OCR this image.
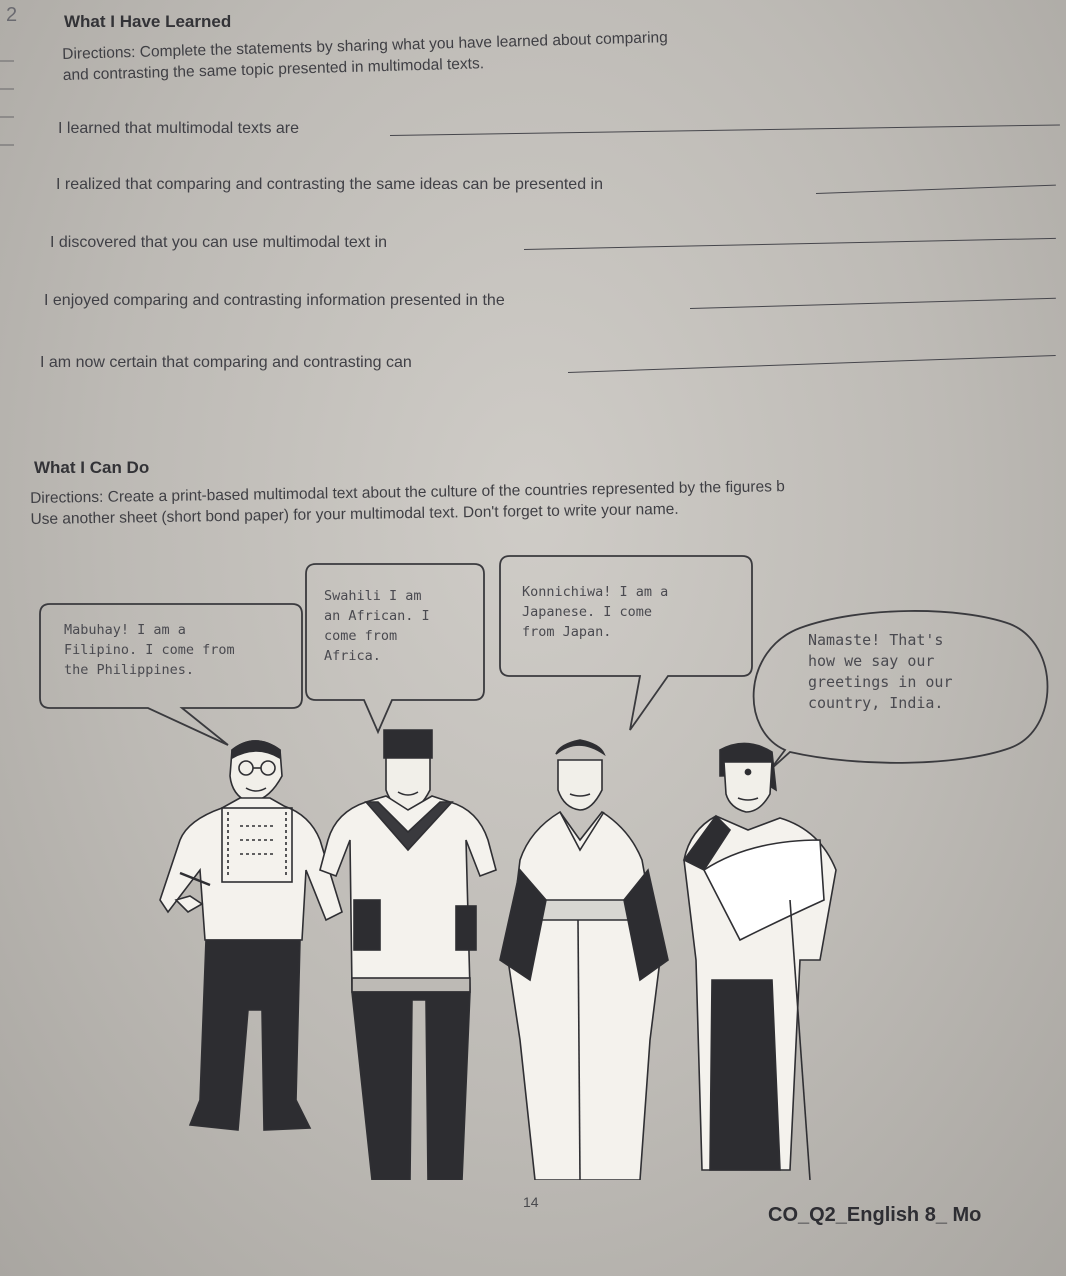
2	What I Have Learned
Directions: Complete the statements by sharing what you have learned about comparing
and contrasting the same topic presented in multimodal texts.
I learned that multimodal texts are
I realized that comparing and contrasting the same ideas can be presented in
I discovered that you can use multimodal text in
I enjoyed comparing and contrasting information presented in the
I am now certain that comparing and contrasting can
What I Can Do
Directions: Create a print-based multimodal text about the culture of the countries represented by the figures b
Use another sheet (short bond paper) for your multimodal text. Don't forget to write your name.
Mabuhay! I am a
Filipino. I come from
the Philippines.
Swahili I am
an African. I
come from
Africa.
Konnichiwa! I am a
Japanese. I come
from Japan.	Namaste! That's
how we say our
greetings in our
country, India.
14
CO_Q2_English 8_ Mo
